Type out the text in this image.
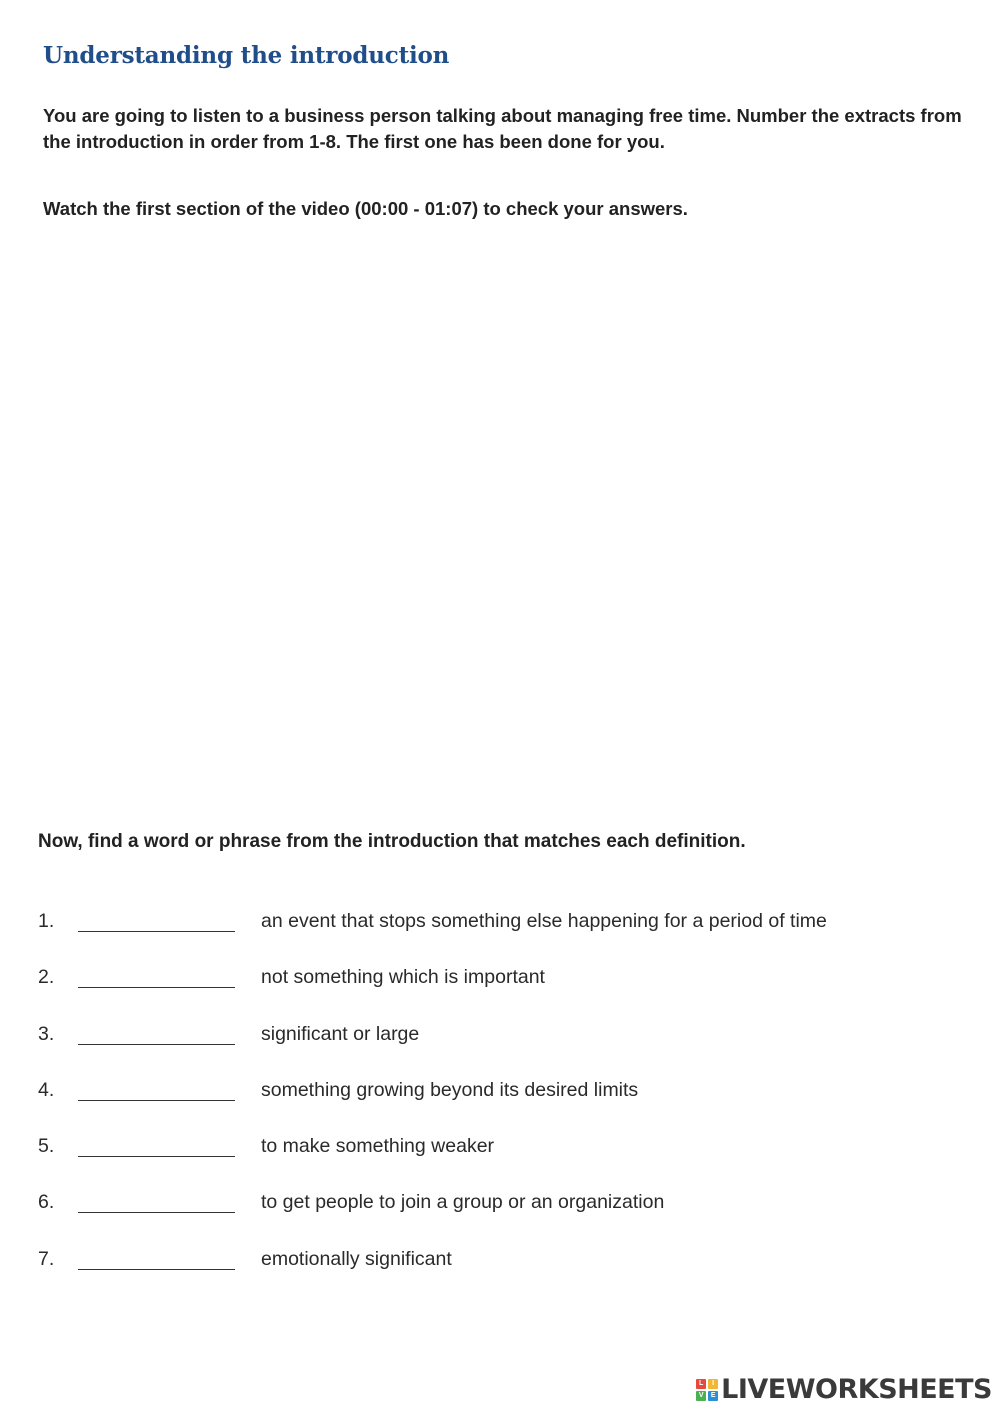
Understanding the introduction

You are going to listen to a business person talking about managing free time. Number the extracts from the introduction in order from 1-8. The first one has been done for you.

Watch the first section of the video (00:00 - 01:07) to check your answers.
Now, find a word or phrase from the introduction that matches each definition.
1.	an event that stops something else happening for a period of time
2.	not something which is important
3.	significant or large
4.	something growing beyond its desired limits
5.	to make something weaker
6.	to get people to join a group or an organization
7.	emotionally significant
L	I
V	E LIVEWORKSHEETS
